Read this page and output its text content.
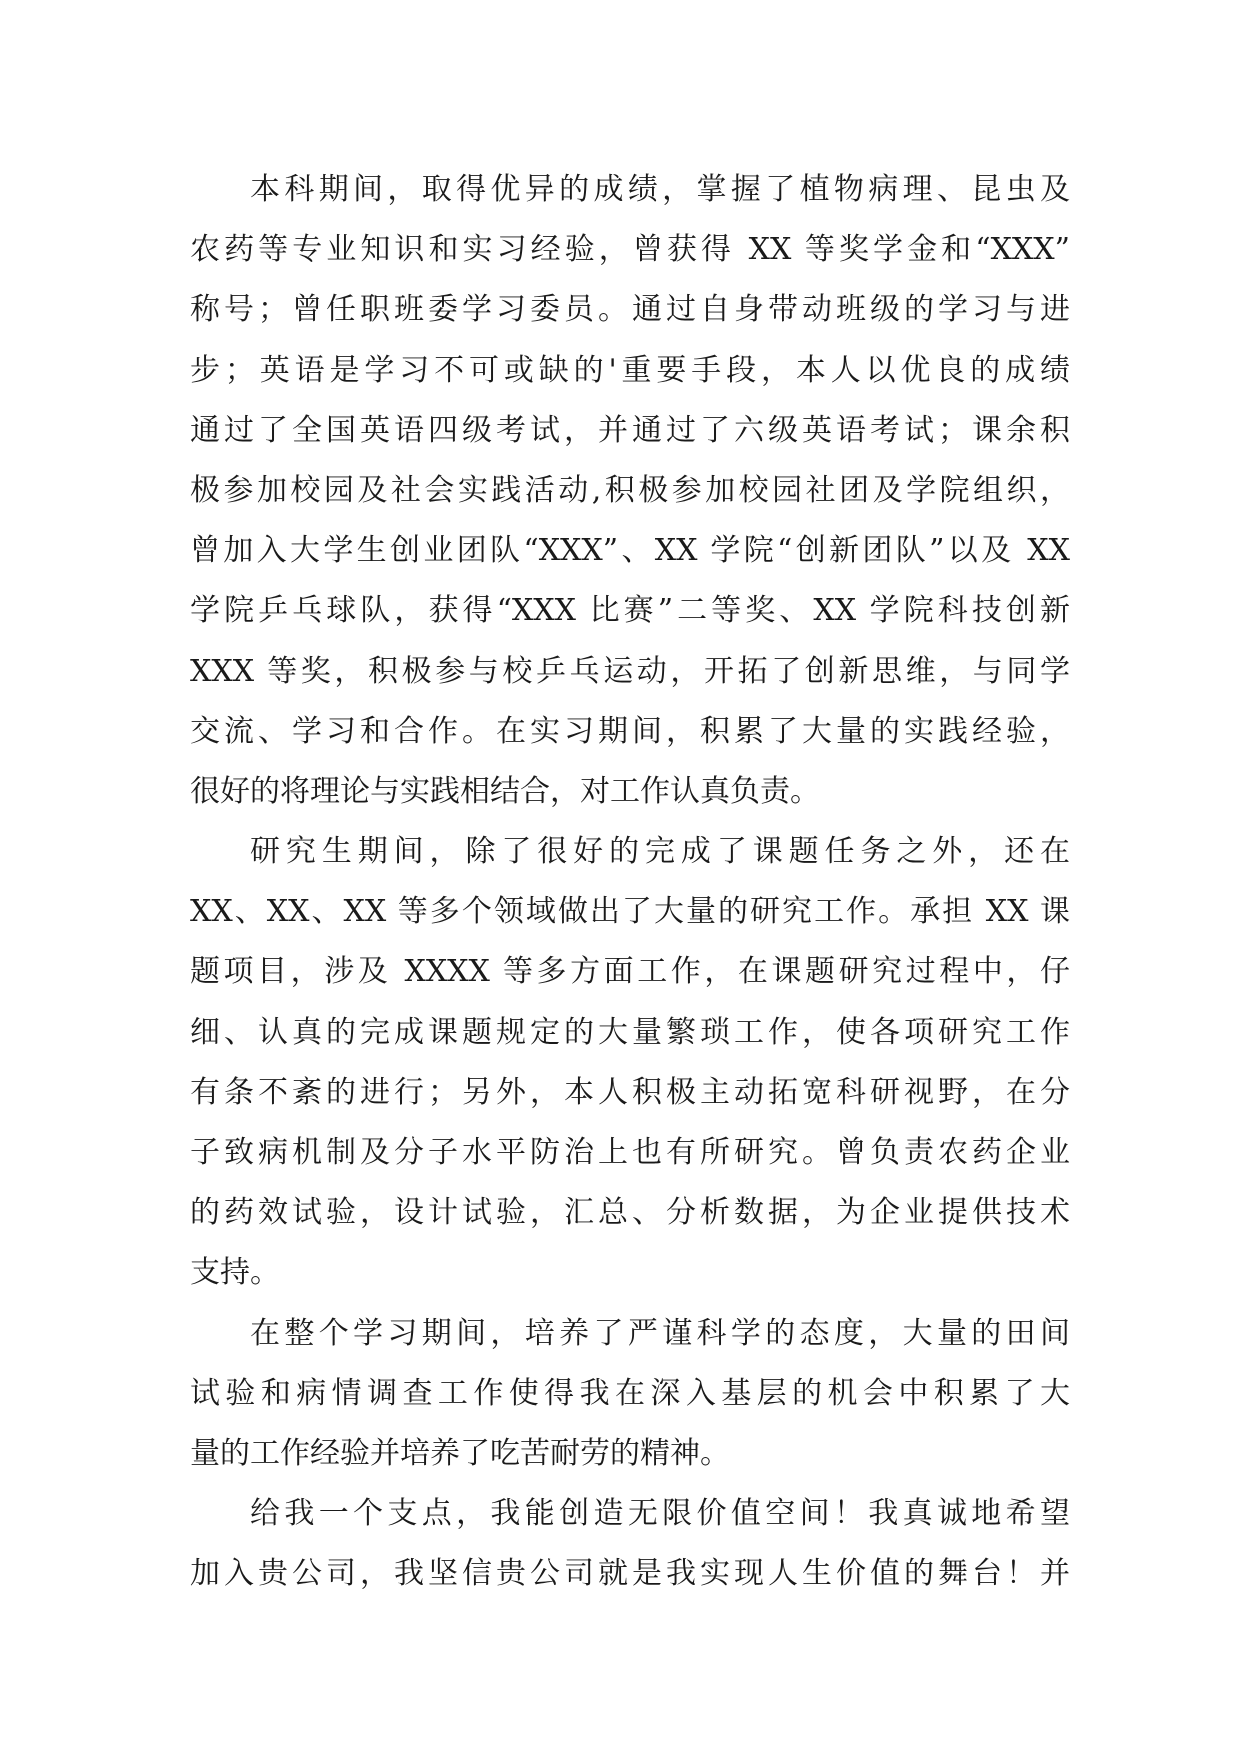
本科期间，取得优异的成绩，掌握了植物病理、昆虫及
农药等专业知识和实习经验，曾获得 XX 等奖学金和“XXX”
称号；曾任职班委学习委员。通过自身带动班级的学习与进
步；英语是学习不可或缺的'重要手段，本人以优良的成绩
通过了全国英语四级考试，并通过了六级英语考试；课余积
极参加校园及社会实践活动,积极参加校园社团及学院组织，
曾加入大学生创业团队“XXX”、XX 学院“创新团队”以及 XX
学院乒乓球队，获得“XXX 比赛”二等奖、XX 学院科技创新
XXX 等奖，积极参与校乒乓运动，开拓了创新思维，与同学
交流、学习和合作。在实习期间，积累了大量的实践经验，
很好的将理论与实践相结合，对工作认真负责。
研究生期间，除了很好的完成了课题任务之外，还在
XX、XX、XX 等多个领域做出了大量的研究工作。承担 XX 课
题项目，涉及 XXXX 等多方面工作，在课题研究过程中，仔
细、认真的完成课题规定的大量繁琐工作，使各项研究工作
有条不紊的进行；另外，本人积极主动拓宽科研视野，在分
子致病机制及分子水平防治上也有所研究。曾负责农药企业
的药效试验，设计试验，汇总、分析数据，为企业提供技术
支持。
在整个学习期间，培养了严谨科学的态度，大量的田间
试验和病情调查工作使得我在深入基层的机会中积累了大
量的工作经验并培养了吃苦耐劳的精神。
给我一个支点，我能创造无限价值空间！我真诚地希望
加入贵公司，我坚信贵公司就是我实现人生价值的舞台！并
